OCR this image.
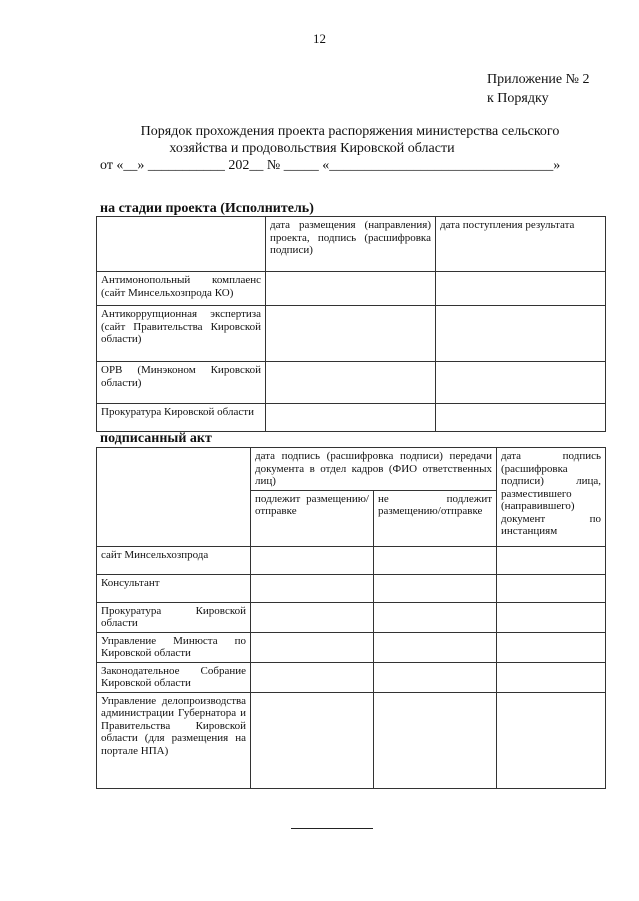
12
Приложение № 2
к Порядку
Порядок прохождения проекта распоряжения министерства сельского
хозяйства и продовольствия Кировской области
от «__» ___________ 202__ № _____ «________________________________»
на стадии проекта (Исполнитель)
	дата размещения (направления) проекта, подпись (расшифровка подписи)	дата поступления результата
Антимонопольный комплаенс (сайт Минсельхозпрода КО)		
Антикоррупционная экспертиза (сайт Правительства Кировской области)		
ОРВ (Минэконом Кировской области)		
Прокуратура Кировской области		
подписанный акт
	дата подпись (расшифровка подписи) передачи документа в отдел кадров (ФИО ответственных лиц)		дата подпись (расшифровка подписи) лица, разместившего (направившего) документ по инстанциям
	подлежит размещению/отправке	не подлежит размещению/отправке	
сайт Минсельхозпрода			
Консультант			
Прокуратура Кировской области			
Управление Минюста по Кировской области			
Законодательное Собрание Кировской области			
Управление делопроизводства администрации Губернатора и Правительства Кировской области (для размещения на портале НПА)			
